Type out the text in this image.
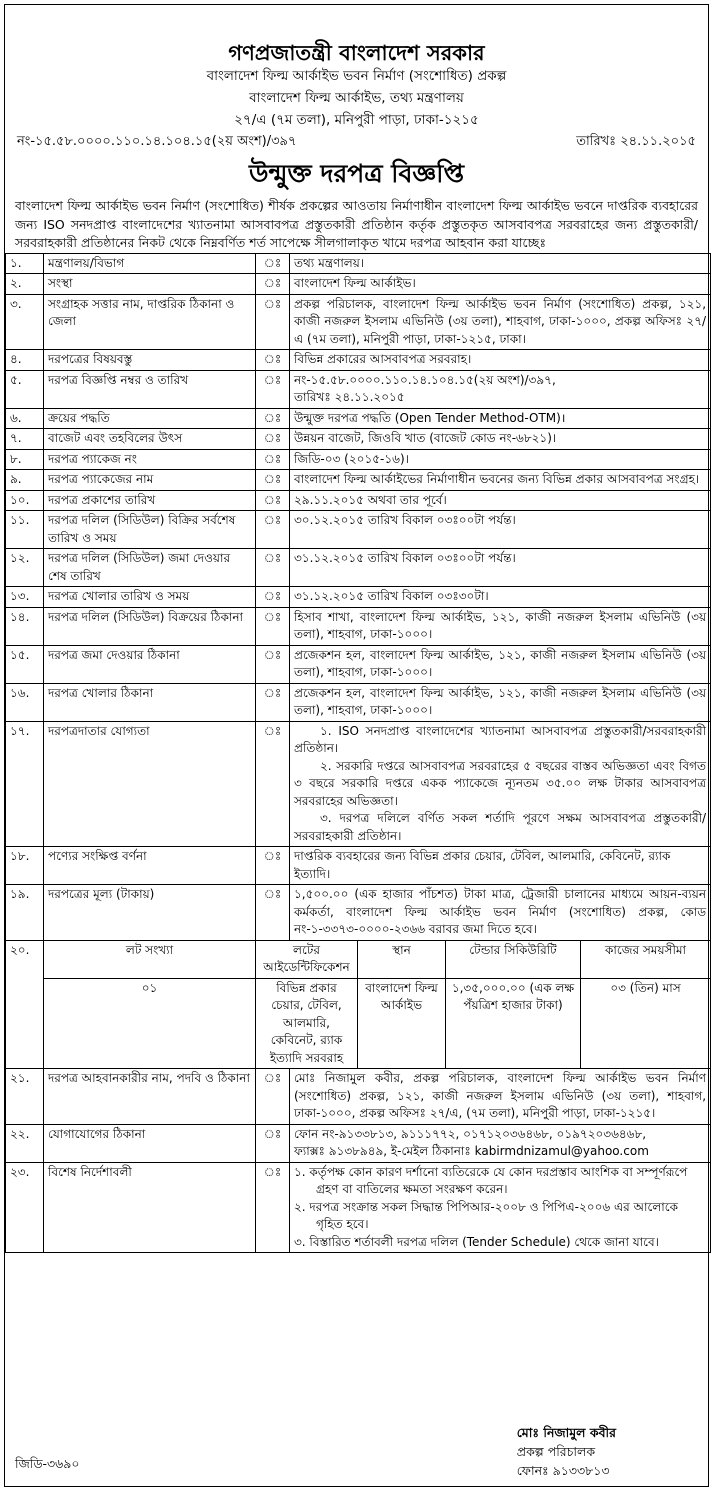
গণপ্রজাতন্ত্রী বাংলাদেশ সরকার
বাংলাদেশ ফিল্ম আর্কাইভ ভবন নির্মাণ (সংশোধিত) প্রকল্প
বাংলাদেশ ফিল্ম আর্কাইভ, তথ্য মন্ত্রণালয়
২৭/এ (৭ম তলা), মনিপুরী পাড়া, ঢাকা-১২১৫
নং-১৫.৫৮.০০০০.১১০.১৪.১০৪.১৫(২য় অংশ)/৩৯৭	তারিখঃ ২৪.১১.২০১৫
উন্মুক্ত দরপত্র বিজ্ঞপ্তি
বাংলাদেশ ফিল্ম আর্কাইভ ভবন নির্মাণ (সংশোধিত) শীর্ষক প্রকল্পের আওতায় নির্মাণাধীন বাংলাদেশ ফিল্ম আর্কাইভ ভবনে দাপ্তরিক ব্যবহারের জন্য ISO সনদপ্রাপ্ত বাংলাদেশের খ্যাতনামা আসবাবপত্র প্রস্তুতকারী প্রতিষ্ঠান কর্তৃক প্রস্তুতকৃত আসবাবপত্র সরবরাহের জন্য প্রস্তুতকারী/সরবরাহকারী প্রতিষ্ঠানের নিকট থেকে নিম্নবর্ণিত শর্ত সাপেক্ষে সীলগালাকৃত খামে দরপত্র আহবান করা যাচ্ছেঃ
১.	মন্ত্রণালয়/বিভাগ	ঃ	তথ্য মন্ত্রণালয়।			

২.	সংস্থা	ঃ	বাংলাদেশ ফিল্ম আর্কাইভ।			

৩.	সংগ্রাহক সত্তার নাম, দাপ্তরিক ঠিকানা ও জেলা	ঃ	প্রকল্প পরিচালক, বাংলাদেশ ফিল্ম আর্কাইভ ভবন নির্মাণ (সংশোধিত) প্রকল্প, ১২১, কাজী নজরুল ইসলাম এভিনিউ (৩য় তলা), শাহবাগ, ঢাকা-১০০০, প্রকল্প অফিসঃ ২৭/এ (৭ম তলা), মনিপুরী পাড়া, ঢাকা-১২১৫, ঢাকা।			

৪.	দরপত্রের বিষয়বস্তু	ঃ	বিভিন্ন প্রকারের আসবাবপত্র সরবরাহ।			

৫.	দরপত্র বিজ্ঞপ্তি নম্বর ও তারিখ	ঃ	নং-১৫.৫৮.০০০০.১১০.১৪.১০৪.১৫(২য় অংশ)/৩৯৭,
তারিখঃ ২৪.১১.২০১৫			

৬.	ক্রয়ের পদ্ধতি	ঃ	উন্মুক্ত দরপত্র পদ্ধতি (Open Tender Method-OTM)।			

৭.	বাজেট এবং তহবিলের উৎস	ঃ	উন্নয়ন বাজেট, জিওবি খাত (বাজেট কোড নং-৬৮২১)।			

৮.	দরপত্র প্যাকেজ নং	ঃ	জিডি-০৩ (২০১৫-১৬)।			

৯.	দরপত্র প্যাকেজের নাম	ঃ	বাংলাদেশ ফিল্ম আর্কাইভের নির্মাণাধীন ভবনের জন্য বিভিন্ন প্রকার আসবাবপত্র সংগ্রহ।			

১০.	দরপত্র প্রকাশের তারিখ	ঃ	২৯.১১.২০১৫ অথবা তার পূর্বে।			

১১.	দরপত্র দলিল (সিডিউল) বিক্রির সর্বশেষ তারিখ ও সময়	ঃ	৩০.১২.২০১৫ তারিখ বিকাল ০৩ঃ০০টা পর্যন্ত।			

১২.	দরপত্র দলিল (সিডিউল) জমা দেওয়ার শেষ তারিখ	ঃ	৩১.১২.২০১৫ তারিখ বিকাল ০৩ঃ০০টা পর্যন্ত।			

১৩.	দরপত্র খোলার তারিখ ও সময়	ঃ	৩১.১২.২০১৫ তারিখ বিকাল ০৩ঃ৩০টা।			

১৪.	দরপত্র দলিল (সিডিউল) বিক্রয়ের ঠিকানা	ঃ	হিসাব শাখা, বাংলাদেশ ফিল্ম আর্কাইভ, ১২১, কাজী নজরুল ইসলাম এভিনিউ (৩য় তলা), শাহবাগ, ঢাকা-১০০০।			

১৫.	দরপত্র জমা দেওয়ার ঠিকানা	ঃ	প্রজেকশন হল, বাংলাদেশ ফিল্ম আর্কাইভ, ১২১, কাজী নজরুল ইসলাম এভিনিউ (৩য় তলা), শাহবাগ, ঢাকা-১০০০।			

১৬.	দরপত্র খোলার ঠিকানা	ঃ	প্রজেকশন হল, বাংলাদেশ ফিল্ম আর্কাইভ, ১২১, কাজী নজরুল ইসলাম এভিনিউ (৩য় তলা), শাহবাগ, ঢাকা-১০০০।			

১৭.	দরপত্রদাতার যোগ্যতা	ঃ	১. ISO সনদপ্রাপ্ত বাংলাদেশের খ্যাতনামা আসবাবপত্র প্রস্তুতকারী/সরবরাহকারী প্রতিষ্ঠান।
২. সরকারি দপ্তরে আসবাবপত্র সরবরাহের ৫ বছরের বাস্তব অভিজ্ঞতা এবং বিগত ৩ বছরে সরকারি দপ্তরে একক প্যাকেজে ন্যূনতম ৩৫.০০ লক্ষ টাকার আসবাবপত্র সরবরাহের অভিজ্ঞতা।
৩. দরপত্র দলিলে বর্ণিত সকল শর্তাদি পূরণে সক্ষম আসবাবপত্র প্রস্তুতকারী/সরবরাহকারী প্রতিষ্ঠান।			

১৮.	পণ্যের সংক্ষিপ্ত বর্ণনা	ঃ	দাপ্তরিক ব্যবহারের জন্য বিভিন্ন প্রকার চেয়ার, টেবিল, আলমারি, কেবিনেট, র‍্যাক ইত্যাদি।			
১৯.	দরপত্রের মূল্য (টাকায়)	ঃ	১,৫০০.০০ (এক হাজার পাঁচশত) টাকা মাত্র, ট্রেজারী চালানের মাধ্যমে আয়ন-ব্যয়ন কর্মকর্তা, বাংলাদেশ ফিল্ম আর্কাইভ ভবন নির্মাণ (সংশোধিত) প্রকল্প, কোড নং-১-৩৩৭৩-০০০০-২৩৬৬ বরাবর জমা দিতে হবে।			
২০.	লট সংখ্যা	লটের আইডেন্টিফিকেশন		স্থান	টেন্ডার সিকিউরিটি	কাজের সময়সীমা
	০১	বিভিন্ন প্রকার চেয়ার, টেবিল, আলমারি, কেবিনেট, র‍্যাক ইত্যাদি সরবরাহ		বাংলাদেশ ফিল্ম আর্কাইভ	১,৩৫,০০০.০০ (এক লক্ষ পঁয়ত্রিশ হাজার টাকা)	০৩ (তিন) মাস
২১.	দরপত্র আহবানকারীর নাম, পদবি ও ঠিকানা	ঃ	মোঃ নিজামুল কবীর, প্রকল্প পরিচালক, বাংলাদেশ ফিল্ম আর্কাইভ ভবন নির্মাণ (সংশোধিত) প্রকল্প, ১২১, কাজী নজরুল ইসলাম এভিনিউ (৩য় তলা), শাহবাগ, ঢাকা-১০০০, প্রকল্প অফিসঃ ২৭/এ, (৭ম তলা), মনিপুরী পাড়া, ঢাকা-১২১৫।			
২২.	যোগাযোগের ঠিকানা	ঃ	ফোন নং-৯১৩৩৮১৩, ৯১১১৭৭২, ০১৭১২০৩৬৪৬৮, ০১৯৭২০৩৬৪৬৮,
ফ্যাক্সঃ ৯১৩৮৯৪৯, ই-মেইল ঠিকানাঃ kabirmdnizamul@yahoo.com			

২৩.	বিশেষ নির্দেশাবলী	ঃ	১. কর্তৃপক্ষ কোন কারণ দর্শানো ব্যতিরেকে যে কোন দরপ্রস্তাব আংশিক বা সম্পূর্ণরূপে গ্রহণ বা বাতিলের ক্ষমতা সংরক্ষণ করেন।
২. দরপত্র সংক্রান্ত সকল সিদ্ধান্ত পিপিআর-২০০৮ ও পিপিএ-২০০৬ এর আলোকে গৃহিত হবে।
৩. বিস্তারিত শর্তাবলী দরপত্র দলিল (Tender Schedule) থেকে জানা যাবে।			
মোঃ নিজামুল কবীর
প্রকল্প পরিচালক
ফোনঃ ৯১৩৩৮১৩
জিডি-৩৬৯০
